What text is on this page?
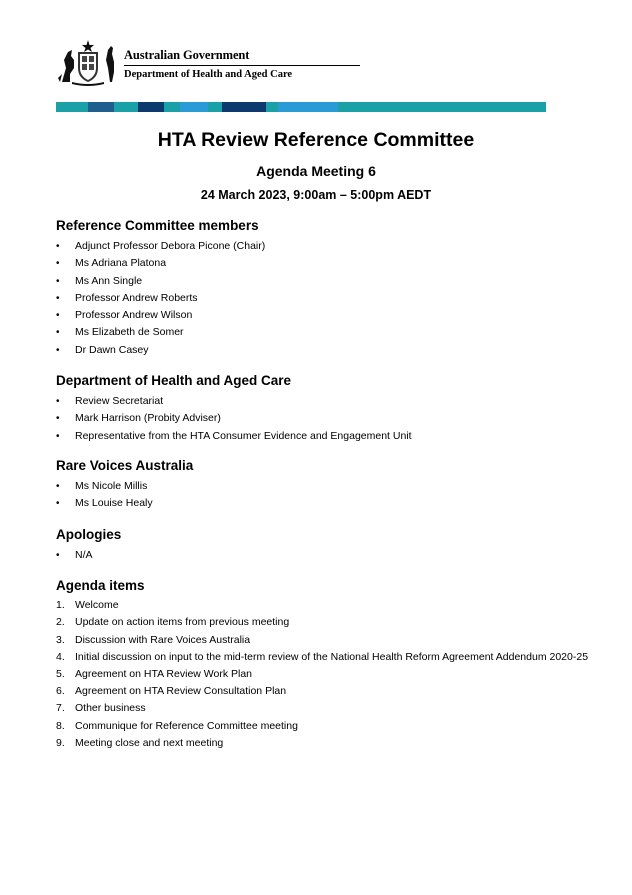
Australian Government
Department of Health and Aged Care
HTA Review Reference Committee
Agenda Meeting 6
24 March 2023, 9:00am – 5:00pm AEDT
Reference Committee members
• Adjunct Professor Debora Picone (Chair)
• Ms Adriana Platona
• Ms Ann Single
• Professor Andrew Roberts
• Professor Andrew Wilson
• Ms Elizabeth de Somer
• Dr Dawn Casey
Department of Health and Aged Care
• Review Secretariat
• Mark Harrison (Probity Adviser)
• Representative from the HTA Consumer Evidence and Engagement Unit
Rare Voices Australia
• Ms Nicole Millis
• Ms Louise Healy
Apologies
• N/A
Agenda items
1. Welcome
2. Update on action items from previous meeting
3. Discussion with Rare Voices Australia
4. Initial discussion on input to the mid-term review of the National Health Reform Agreement Addendum 2020-25
5. Agreement on HTA Review Work Plan
6. Agreement on HTA Review Consultation Plan
7. Other business
8. Communique for Reference Committee meeting
9. Meeting close and next meeting
